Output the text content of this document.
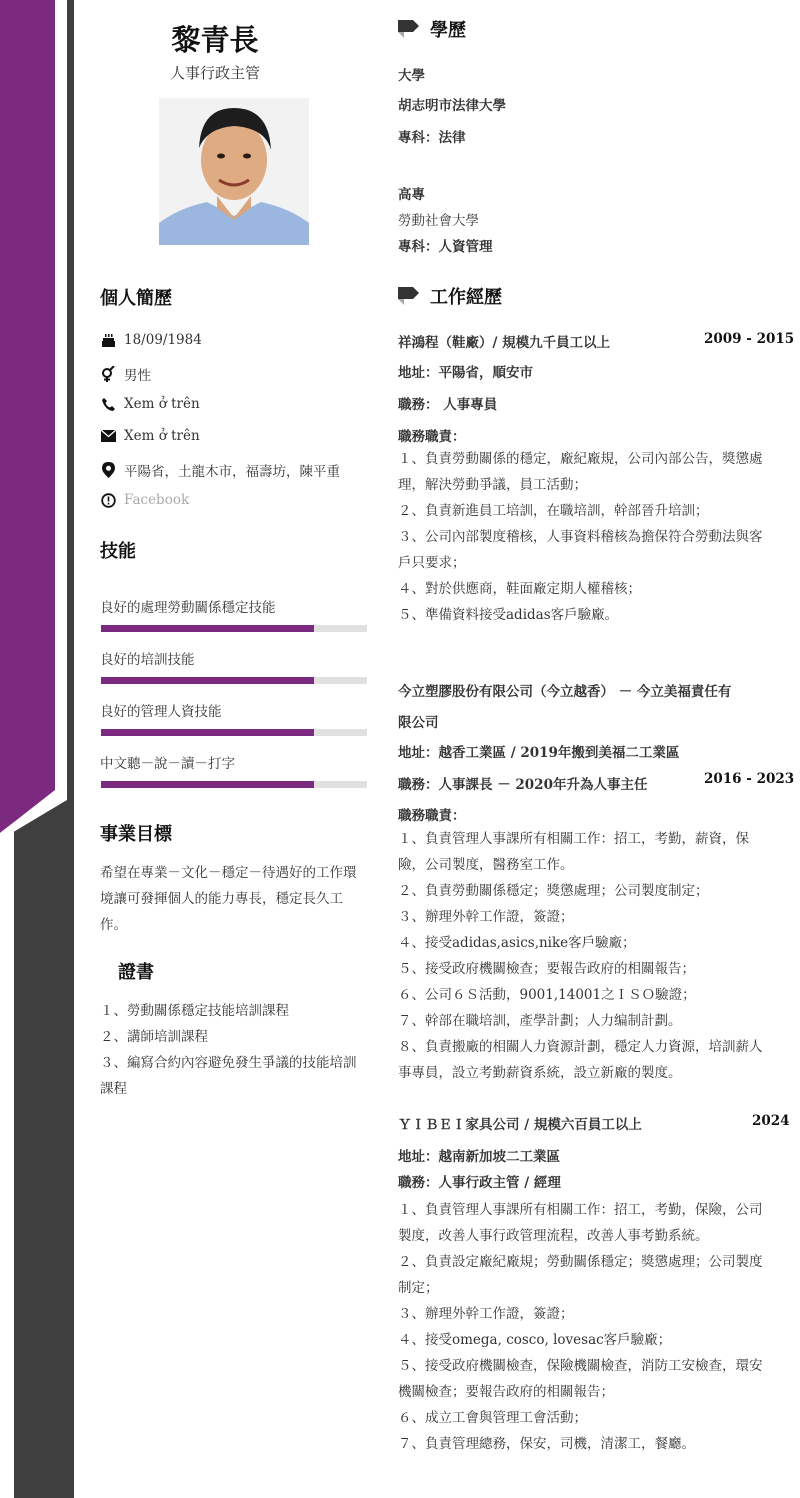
黎青長
人事行政主管
個人簡歷
18/09/1984
男性
Xem ở trên
Xem ở trên
平陽省，土龍木市，福壽坊，陳平重
Facebook
技能
良好的處理勞動關係穩定技能
良好的培訓技能
良好的管理人資技能
中文聽－說－讀－打字
事業目標
希望在專業－文化－穩定－待遇好的工作環
境讓可發揮個人的能力專長，穩定長久工
作。
證書
１、勞動關係穩定技能培訓課程
２、講師培訓課程
３、編寫合約內容避免發生爭議的技能培訓
課程
學歷
大學
胡志明市法律大學
專科：法律
高專
勞動社會大學
專科：人資管理
工作經歷
祥鴻程（鞋廠）/ 規模九千員工以上	2009 - 2015
地址：平陽省，順安市
職務： 人事專員
職務職責：
１、負責勞動關係的穩定，廠紀廠規，公司內部公告，獎懲處
理，解決勞動爭議，員工活動；
２、負責新進員工培訓，在職培訓，幹部晉升培訓；
３、公司內部製度稽核，人事資料稽核為擔保符合勞動法與客
戶只要求；
４、對於供應商，鞋面廠定期人權稽核；
５、準備資料接受adidas客戶驗廠。
今立塑膠股份有限公司（今立越香） － 今立美福責任有
限公司
地址：越香工業區 / 2019年搬到美福二工業區
職務：人事課長 － 2020年升為人事主任	2016 - 2023
職務職責：
１、負責管理人事課所有相關工作：招工，考勤，薪資，保
險，公司製度，醫務室工作。
２、負責勞動關係穩定；獎懲處理；公司製度制定；
３、辦理外幹工作證，簽證；
４、接受adidas,asics,nike客戶驗廠；
５、接受政府機關檢查；要報告政府的相關報告；
６、公司６Ｓ活動，9001,14001之ＩＳＯ驗證；
７、幹部在職培訓，產學計劃；人力编制計劃。
８、負責搬廠的相關人力資源計劃，穩定人力資源，培訓薪人
事專員，設立考勤薪資系統，設立新廠的製度。
ＹＩＢＥＩ家具公司 / 規模六百員工以上	2024
地址：越南新加坡二工業區
職務：人事行政主管 / 經理
１、負責管理人事課所有相關工作：招工，考勤，保險，公司
製度，改善人事行政管理流程，改善人事考勤系統。
２、負責設定廠紀廠規；勞動關係穩定；獎懲處理；公司製度
制定；
３、辦理外幹工作證，簽證；
４、接受omega, cosco, lovesac客戶驗廠；
５、接受政府機關檢查，保險機關檢查，消防工安檢查，環安
機關檢查；要報告政府的相關報告；
６、成立工會與管理工會活動；
７、負責管理總務，保安，司機，清潔工，餐廳。
